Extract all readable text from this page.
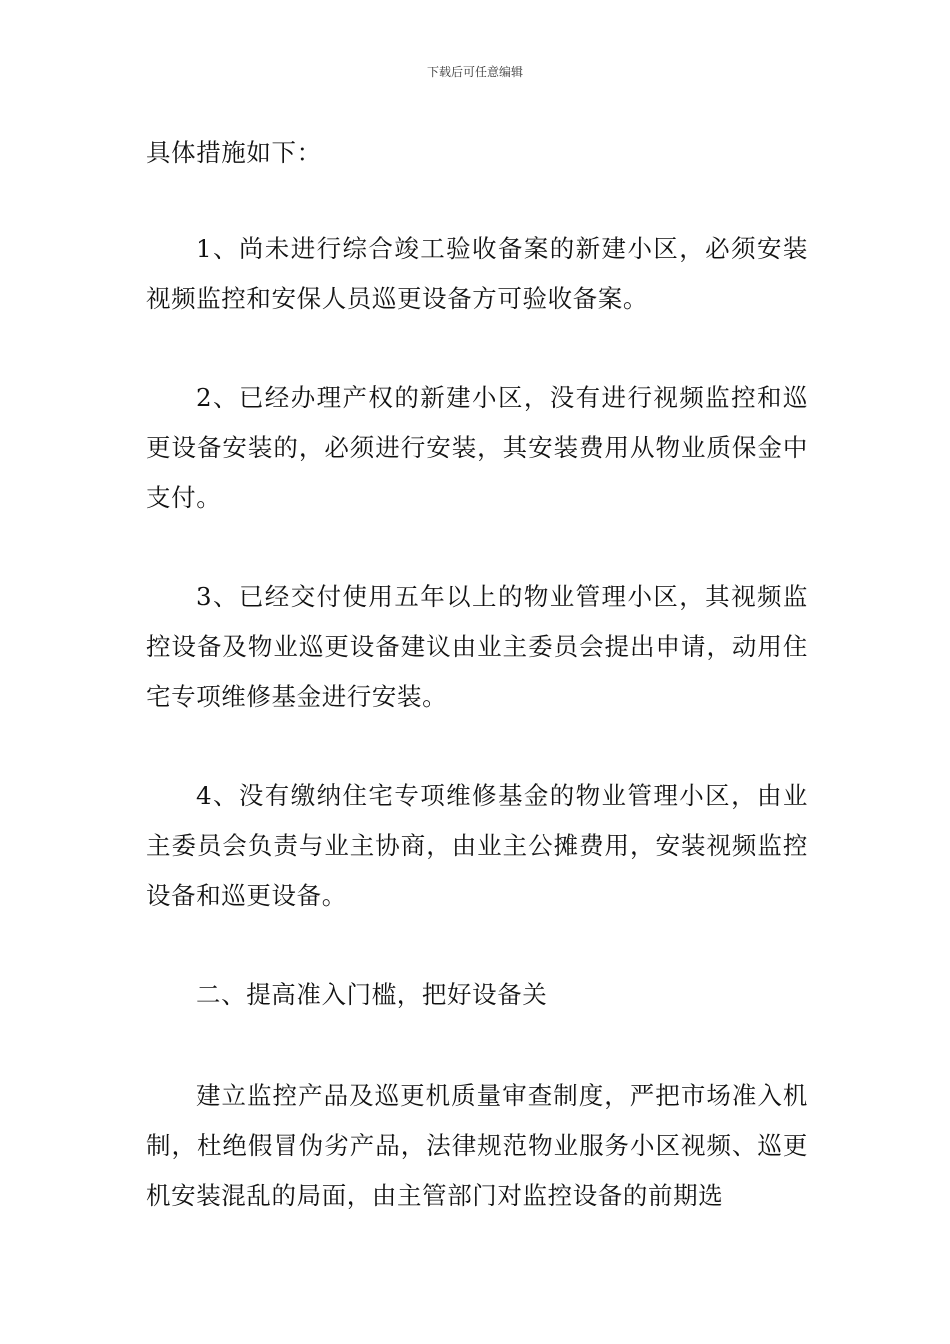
下载后可任意编辑

具体措施如下：

1、尚未进行综合竣工验收备案的新建小区，必须安装视频监控和安保人员巡更设备方可验收备案。

2、已经办理产权的新建小区，没有进行视频监控和巡更设备安装的，必须进行安装，其安装费用从物业质保金中支付。

3、已经交付使用五年以上的物业管理小区，其视频监控设备及物业巡更设备建议由业主委员会提出申请，动用住宅专项维修基金进行安装。

4、没有缴纳住宅专项维修基金的物业管理小区，由业主委员会负责与业主协商，由业主公摊费用，安装视频监控设备和巡更设备。

二、提高准入门槛，把好设备关

建立监控产品及巡更机质量审查制度，严把市场准入机制，杜绝假冒伪劣产品，法律规范物业服务小区视频、巡更机安装混乱的局面，由主管部门对监控设备的前期选
